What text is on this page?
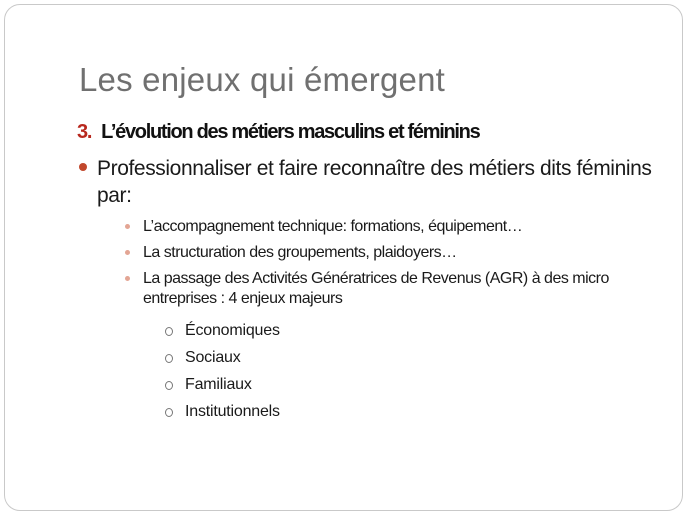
Les enjeux qui émergent
3. L’évolution des métiers masculins et féminins
Professionnaliser et faire reconnaître des métiers dits féminins par:
L’accompagnement technique: formations, équipement…
La structuration des groupements, plaidoyers…
La passage des Activités Génératrices de Revenus (AGR) à des micro entreprises : 4 enjeux majeurs
Économiques
Sociaux
Familiaux
Institutionnels
